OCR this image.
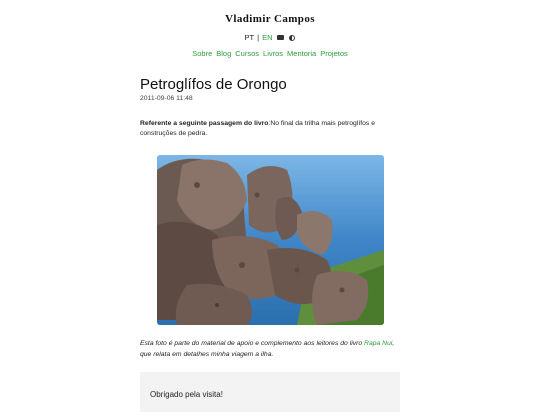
Vladimir Campos
PT | EN
Sobre Blog Cursos Livros Mentoria Projetos
Petroglífos de Orongo
2011-09-06 11:48
Referente a seguinte passagem do livro:No final da trilha mais petroglífos e construções de pedra.
Esta foto é parte do material de apoio e complemento aos leitores do livro Rapa Nui, que relata em detalhes minha viagem a ilha.
Obrigado pela visita!
